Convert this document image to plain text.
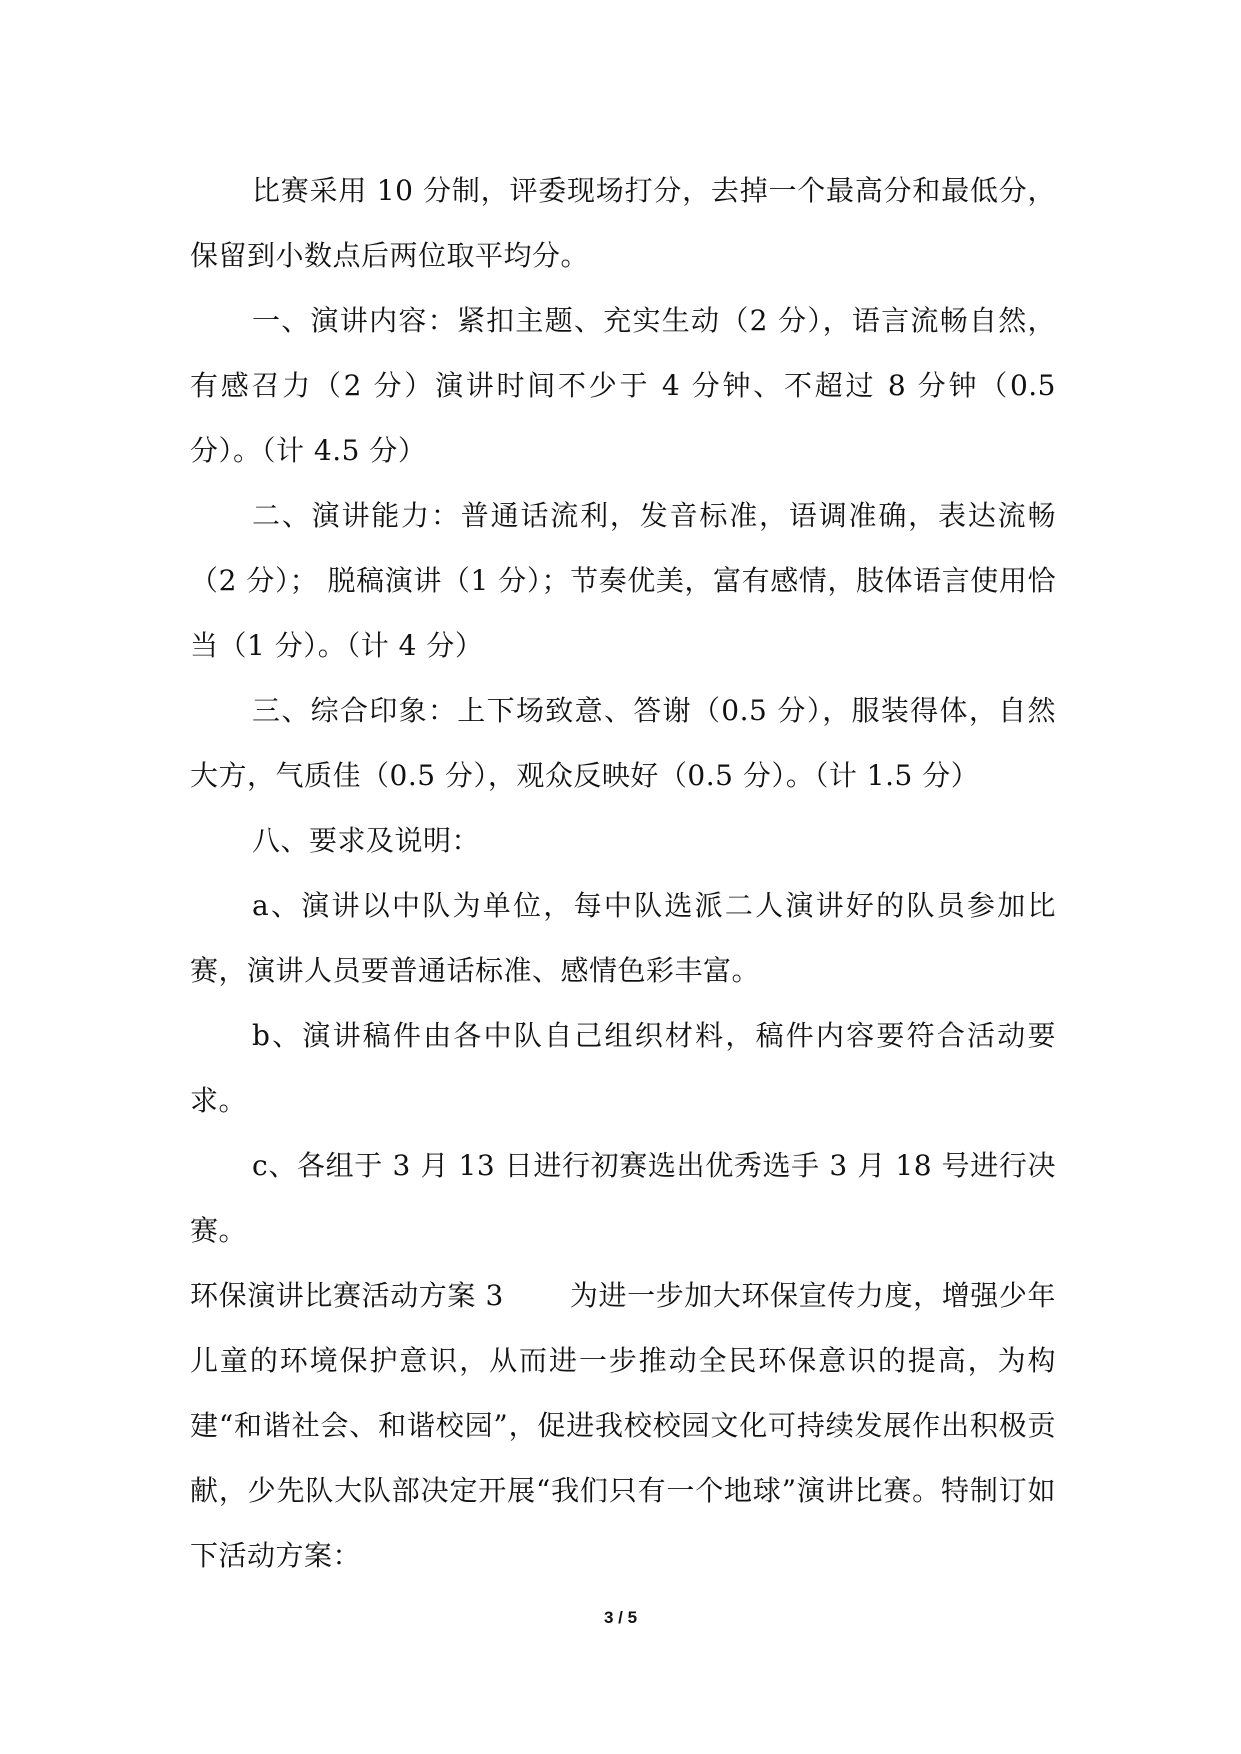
比赛采用 10 分制，评委现场打分，去掉一个最高分和最低分，保留到小数点后两位取平均分。

一、演讲内容：紧扣主题、充实生动（2 分），语言流畅自然，有感召力（2 分）演讲时间不少于 4 分钟、不超过 8 分钟（0.5 分）。（计 4.5 分）

二、演讲能力：普通话流利，发音标准，语调准确，表达流畅（2 分）； 脱稿演讲（1 分）；节奏优美，富有感情，肢体语言使用恰当（1 分）。（计 4 分）

三、综合印象：上下场致意、答谢（0.5 分），服装得体，自然大方，气质佳（0.5 分），观众反映好（0.5 分）。（计 1.5 分）

八、要求及说明：

a、演讲以中队为单位，每中队选派二人演讲好的队员参加比赛，演讲人员要普通话标准、感情色彩丰富。

b、演讲稿件由各中队自己组织材料，稿件内容要符合活动要求。

c、各组于 3 月 13 日进行初赛选出优秀选手 3 月 18 号进行决赛。

环保演讲比赛活动方案 3 为进一步加大环保宣传力度，增强少年儿童的环境保护意识，从而进一步推动全民环保意识的提高，为构建“和谐社会、和谐校园”，促进我校校园文化可持续发展作出积极贡献，少先队大队部决定开展“我们只有一个地球”演讲比赛。特制订如下活动方案：

3 / 5
